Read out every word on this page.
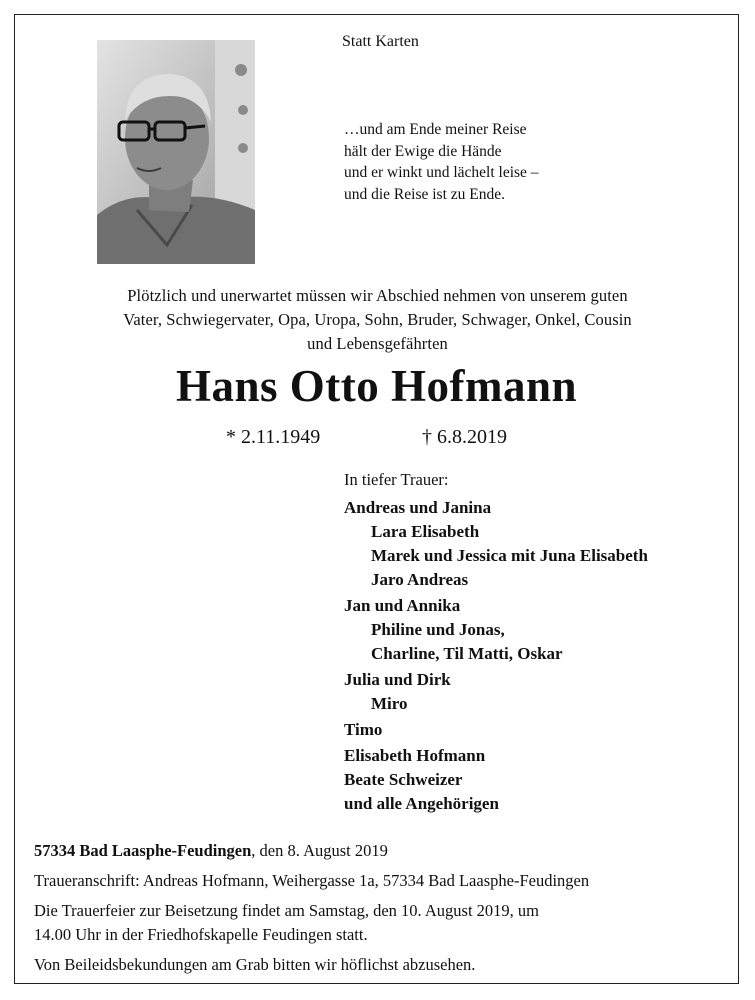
Statt Karten
…und am Ende meiner Reise
hält der Ewige die Hände
und er winkt und lächelt leise –
und die Reise ist zu Ende.
Plötzlich und unerwartet müssen wir Abschied nehmen von unserem guten
Vater, Schwiegervater, Opa, Uropa, Sohn, Bruder, Schwager, Onkel, Cousin
und Lebensgefährten
Hans Otto Hofmann
* 2.11.1949	† 6.8.2019
In tiefer Trauer:
Andreas und Janina
Lara Elisabeth
Marek und Jessica mit Juna Elisabeth
Jaro Andreas
Jan und Annika
Philine und Jonas,
Charline, Til Matti, Oskar
Julia und Dirk
Miro
Timo
Elisabeth Hofmann
Beate Schweizer
und alle Angehörigen
57334 Bad Laasphe-Feudingen, den 8. August 2019
Traueranschrift: Andreas Hofmann, Weihergasse 1a, 57334 Bad Laasphe-Feudingen
Die Trauerfeier zur Beisetzung findet am Samstag, den 10. August 2019, um
14.00 Uhr in der Friedhofskapelle Feudingen statt.
Von Beileidsbekundungen am Grab bitten wir höflichst abzusehen.
